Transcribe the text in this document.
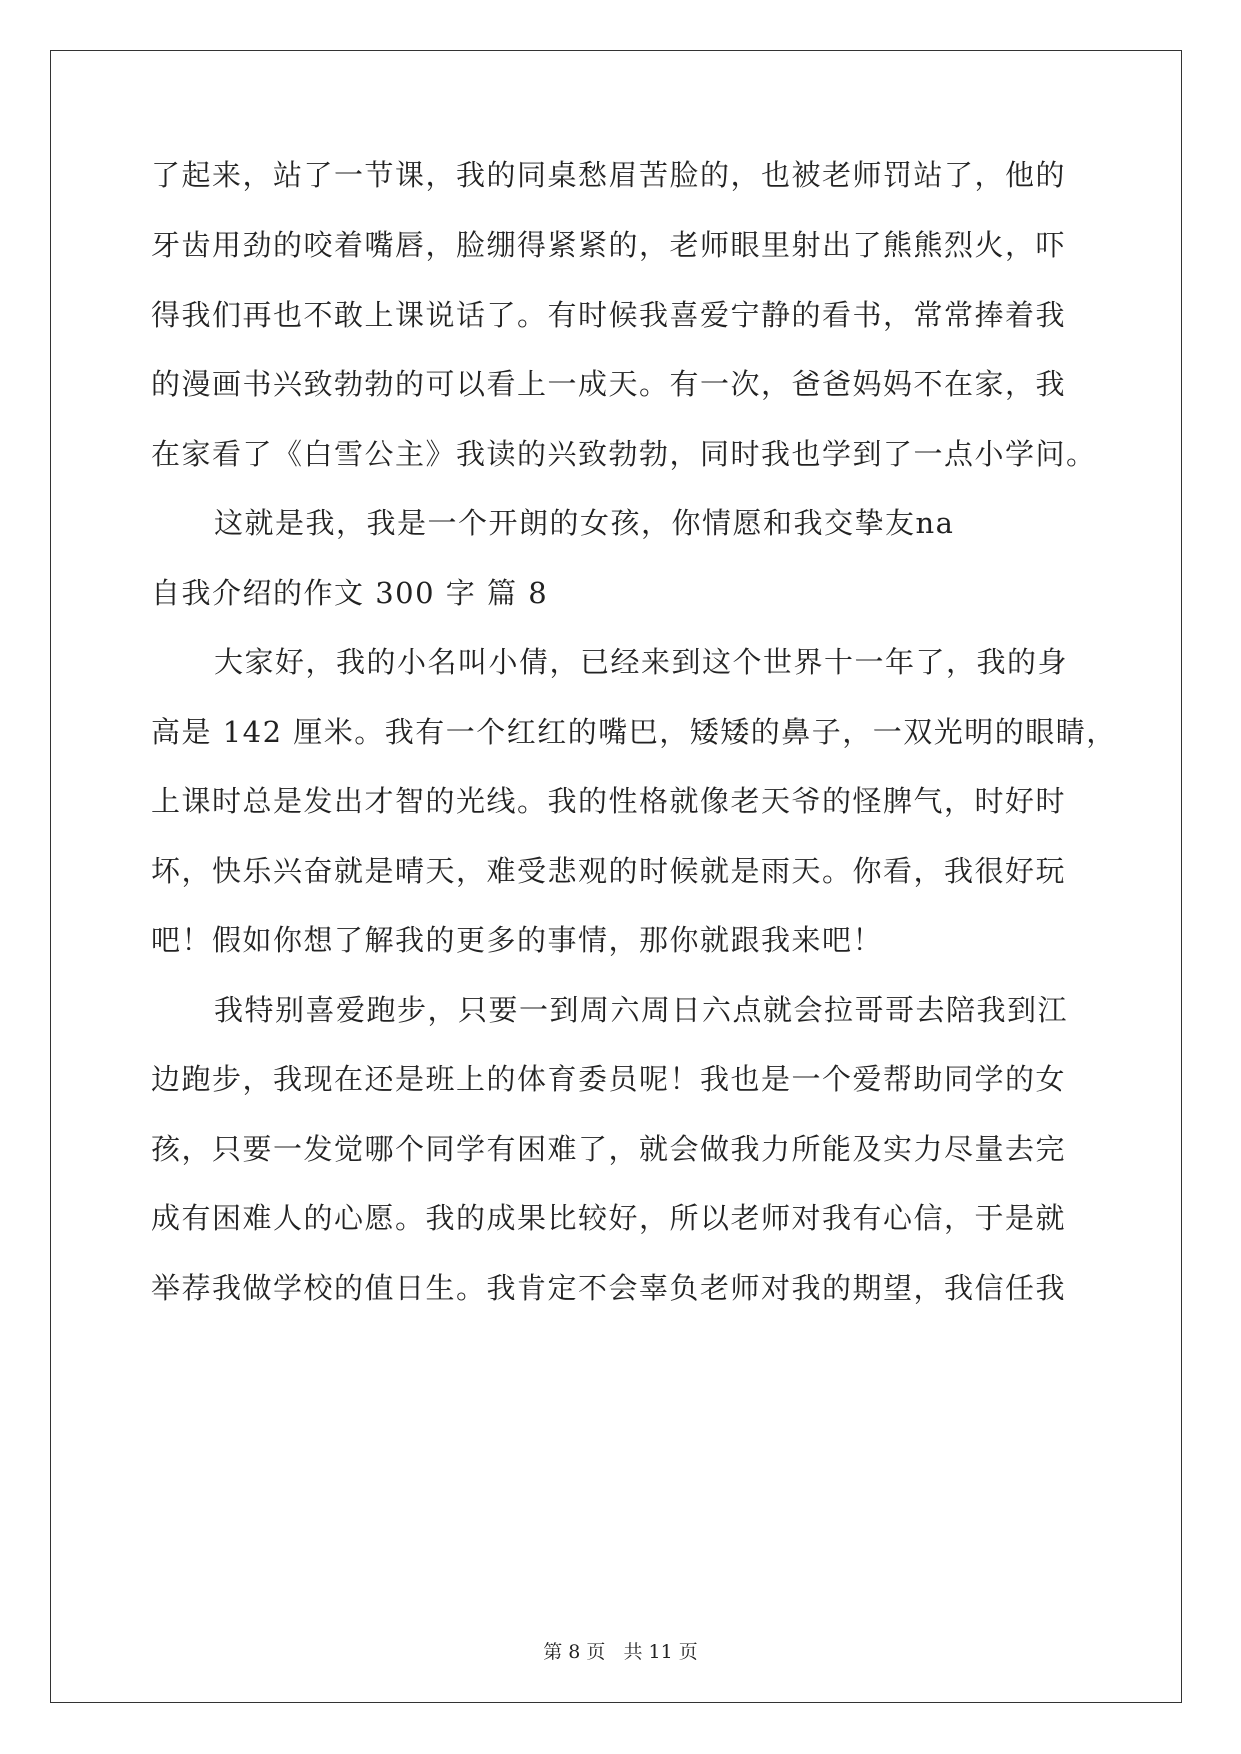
了起来，站了一节课，我的同桌愁眉苦脸的，也被老师罚站了，他的
牙齿用劲的咬着嘴唇，脸绷得紧紧的，老师眼里射出了熊熊烈火，吓
得我们再也不敢上课说话了。有时候我喜爱宁静的看书，常常捧着我
的漫画书兴致勃勃的可以看上一成天。有一次，爸爸妈妈不在家，我
在家看了《白雪公主》我读的兴致勃勃，同时我也学到了一点小学问。
这就是我，我是一个开朗的女孩，你情愿和我交挚友na
自我介绍的作文 300 字 篇 8
大家好，我的小名叫小倩，已经来到这个世界十一年了，我的身
高是 142 厘米。我有一个红红的嘴巴，矮矮的鼻子，一双光明的眼睛，
上课时总是发出才智的光线。我的性格就像老天爷的怪脾气，时好时
坏，快乐兴奋就是晴天，难受悲观的时候就是雨天。你看，我很好玩
吧！假如你想了解我的更多的事情，那你就跟我来吧！
我特别喜爱跑步，只要一到周六周日六点就会拉哥哥去陪我到江
边跑步，我现在还是班上的体育委员呢！我也是一个爱帮助同学的女
孩，只要一发觉哪个同学有困难了，就会做我力所能及实力尽量去完
成有困难人的心愿。我的成果比较好，所以老师对我有心信，于是就
举荐我做学校的值日生。我肯定不会辜负老师对我的期望，我信任我
第 8 页 共 11 页
